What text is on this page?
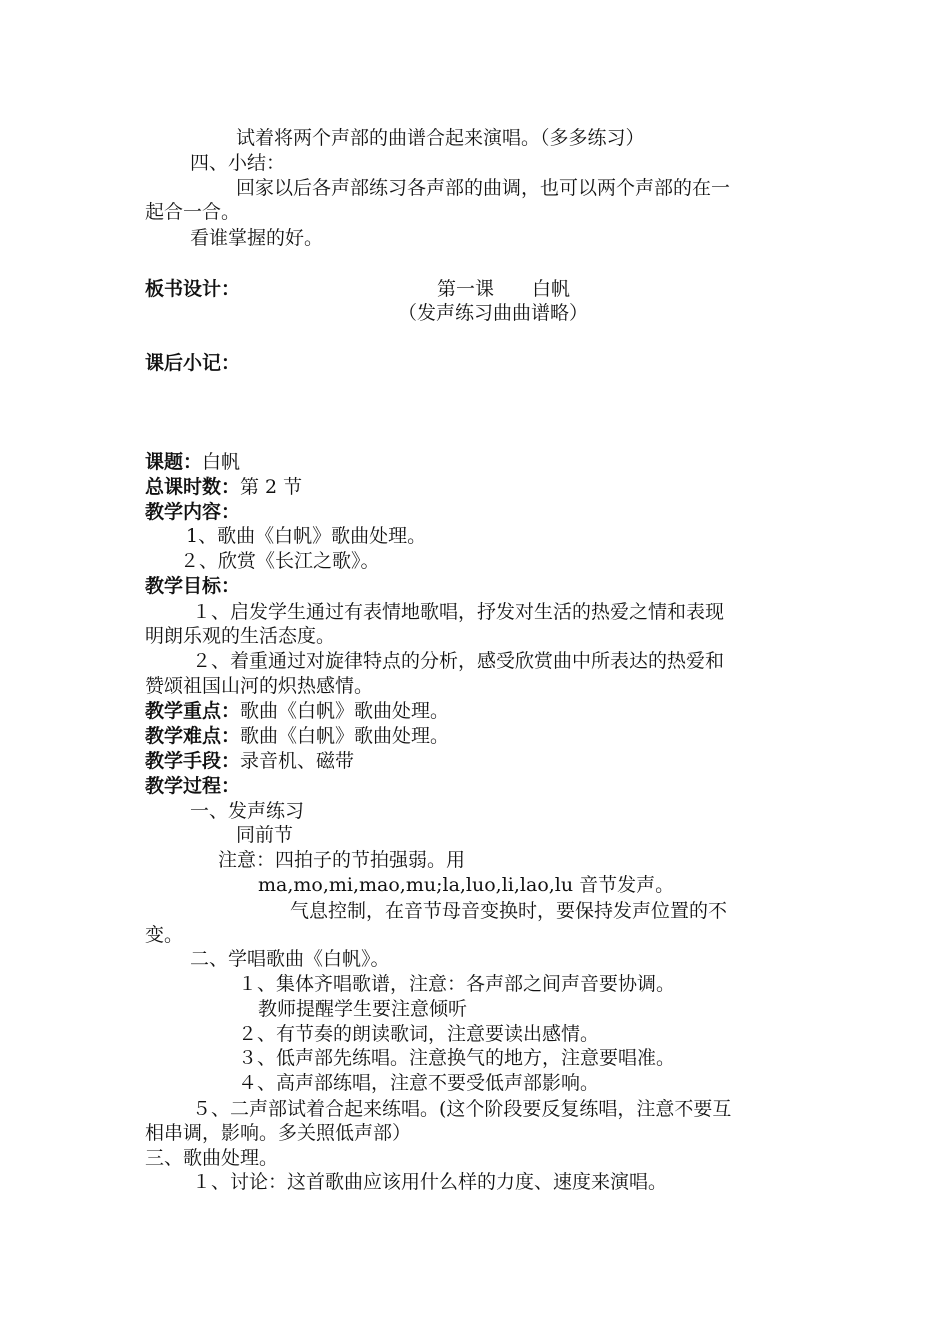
试着将两个声部的曲谱合起来演唱。（多多练习）
四、小结：
回家以后各声部练习各声部的曲调，也可以两个声部的在一
起合一合。
看谁掌握的好。
板书设计：	第一课　　白帆
（发声练习曲曲谱略）
课后小记：
课题：白帆
总课时数：第 2 节
教学内容：
1、歌曲《白帆》歌曲处理。
２、欣赏《长江之歌》。
教学目标：
１、启发学生通过有表情地歌唱，抒发对生活的热爱之情和表现
明朗乐观的生活态度。
２、着重通过对旋律特点的分析，感受欣赏曲中所表达的热爱和
赞颂祖国山河的炽热感情。
教学重点：歌曲《白帆》歌曲处理。
教学难点：歌曲《白帆》歌曲处理。
教学手段：录音机、磁带
教学过程：
一、发声练习
同前节
注意：四拍子的节拍强弱。用
ma,mo,mi,mao,mu;la,luo,li,lao,lu 音节发声。
气息控制，在音节母音变换时，要保持发声位置的不
变。
二、学唱歌曲《白帆》。
１、集体齐唱歌谱，注意：各声部之间声音要协调。
教师提醒学生要注意倾听
２、有节奏的朗读歌词，注意要读出感情。
３、低声部先练唱。注意换气的地方，注意要唱准。
４、高声部练唱，注意不要受低声部影响。
５、二声部试着合起来练唱。(这个阶段要反复练唱，注意不要互
相串调，影响。多关照低声部）
三、歌曲处理。
１、讨论：这首歌曲应该用什么样的力度、速度来演唱。
